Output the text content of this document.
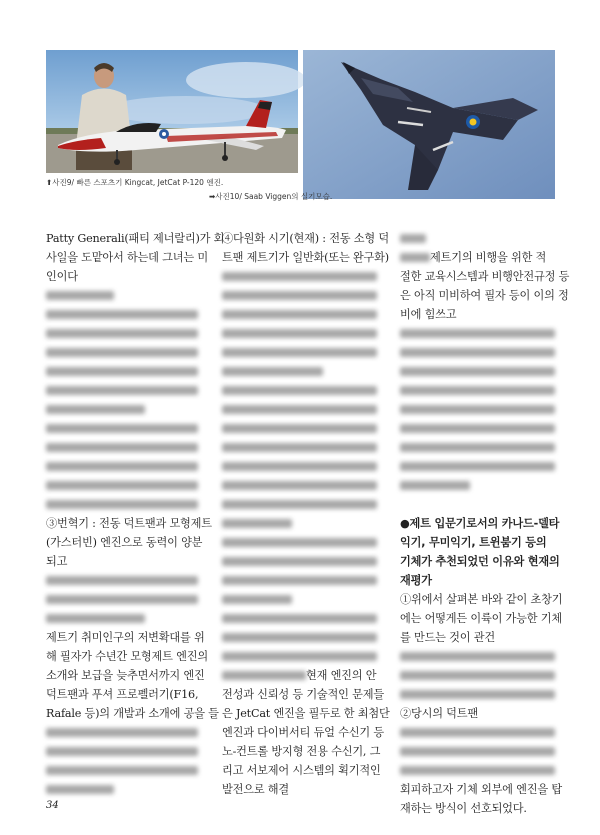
⬆사진9/ 빠른 스포츠기 Kingcat, JetCat P-120 엔진.
➡사진10/ Saab Viggen의 실기모습.
Patty Generali(패티 제너랄리)가 회
사일을 도맡아서 하는데 그녀는 미
인이다
③번혁기 : 전동 덕트팬과 모형제트
(가스터빈) 엔진으로 동력이 양분
되고
제트기 취미인구의 저변확대를 위
해 필자가 수년간 모형제트 엔진의
소개와 보급을 늦추면서까지 엔진
덕트팬과 푸셔 프로펠러기(F16,
Rafale 등)의 개발과 소개에 공을 들
④다원화 시기(현재) : 전동 소형 덕
트팬 제트기가 일반화(또는 완구화)
현재 엔진의 안
전성과 신뢰성 등 기술적인 문제들
은 JetCat 엔진을 필두로 한 최첨단
엔진과 다이버서티 듀얼 수신기 등
노-컨트롤 방지형 전용 수신기, 그
리고 서보제어 시스템의 획기적인
발전으로 해결
제트기의 비행을 위한 적
절한 교육시스템과 비행안전규정 등
은 아직 미비하여 필자 등이 이의 정
비에 힘쓰고
●제트 입문기로서의 카나드-델타
익기, 무미익기, 트윈붐기 등의
기체가 추천되었던 이유와 현재의
재평가
①위에서 살펴본 바와 같이 초창기
에는 어떻게든 이륙이 가능한 기체
를 만드는 것이 관건
②당시의 덕트팬
회피하고자 기체 외부에 엔진을 탑
재하는 방식이 선호되었다.
34
